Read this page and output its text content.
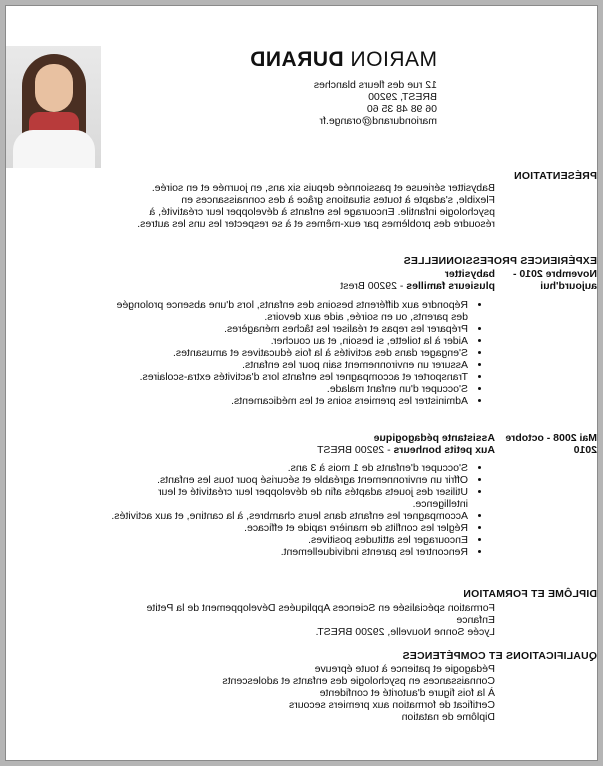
MARION DURAND
12 rue des fleurs blanches
BREST, 29200
06 98 48 35 60
mariondurand@orange.fr
PRÉSENTATION
Babysitter sérieuse et passionnée depuis six ans, en journée et en soirée. Flexible, s'adapte à toutes situations grâce à des connaissances en psychologie infantile. Encourage les enfants à développer leur créativité, à résoudre des problèmes par eux-mêmes et à se respecter les uns les autres.
EXPÉRIENCES PROFESSIONNELLES
Novembre 2010 - aujourd'hui
babysitter
plusieurs familles - 29200 Brest
• Répondre aux différents besoins des enfants, lors d'une absence prolongée des parents, ou en soirée, aide aux devoirs.
• Préparer les repas et réaliser les tâches ménagères.
• Aider à la toilette, si besoin, et au coucher.
• S'engager dans des activités à la fois éducatives et amusantes.
• Assurer un environnement sain pour les enfants.
• Transporter et accompagner les enfants lors d'activités extra-scolaires.
• S'occuper d'un enfant malade.
• Administrer les premiers soins et les médicaments.
Mai 2008 - octobre 2010
Assistante pédagogique
Aux petits bonheurs - 29200 BREST
• S'occuper d'enfants de 1 mois à 3 ans.
• Offrir un environnement agréable et sécurisé pour tous les enfants.
• Utiliser des jouets adaptés afin de développer leur créativité et leur intelligence.
• Accompagner les enfants dans leurs chambres, à la cantine, et aux activités.
• Régler les conflits de manière rapide et efficace.
• Encourager les attitudes positives.
• Rencontrer les parents individuellement.
DIPLÔME ET FORMATION
Formation spécialisée en Sciences Appliquées Développement de la Petite Enfance
Lycée Sonne Nouvelle, 29200 BREST.
QUALIFICATIONS ET COMPÉTENCES
Pédagogie et patience à toute épreuve
Connaissances en psychologie des enfants et adolescents
À la fois figure d'autorité et confidente
Certificat de formation aux premiers secours
Diplôme de natation
